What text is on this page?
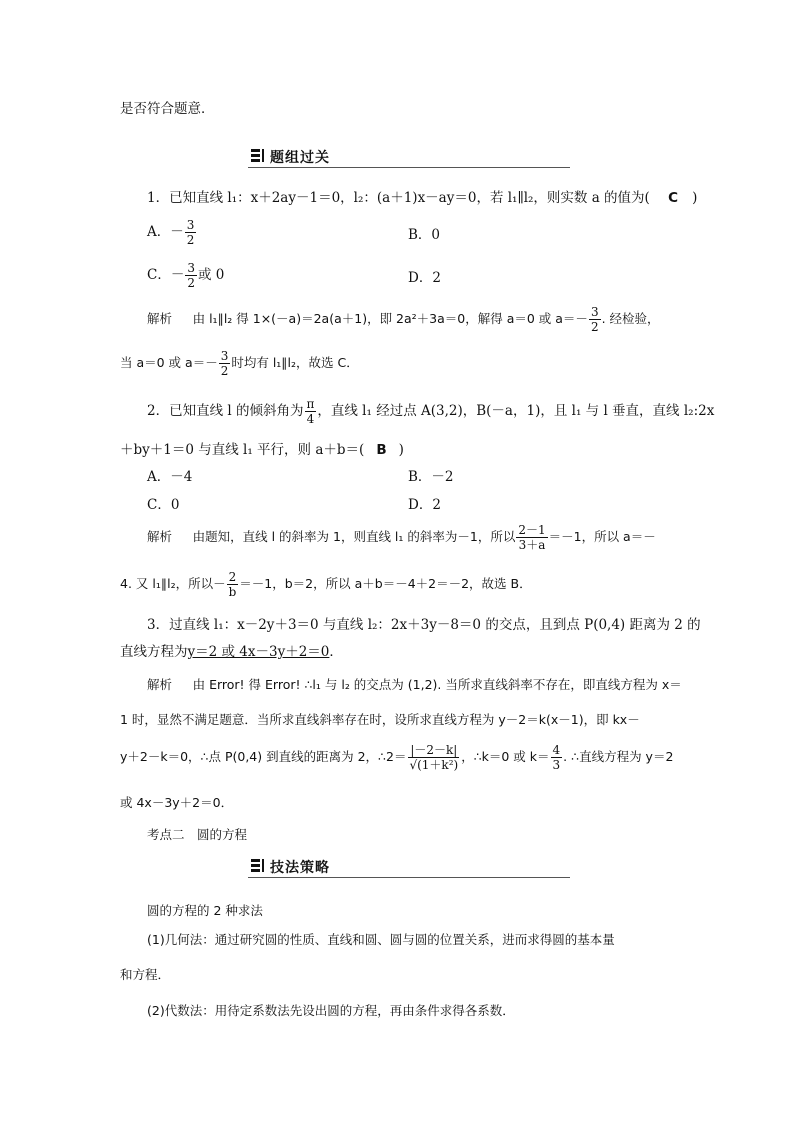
是否符合题意．
题组过关
1．已知直线 l₁：x＋2ay－1＝0，l₂：(a＋1)x－ay＝0，若 l₁∥l₂，则实数 a 的值为( C )
A．－ $\frac{3}{2}$	B．0
C．－ $\frac{3}{2}$ 或 0	D．2
解析 由 l₁∥l₂ 得 1×(－a)＝2a(a＋1)，即 2a²＋3a＝0，解得 a＝0 或 $a=- \frac{3}{2}$ . 经检验，
当 a＝0 或 $a=- \frac{3}{2}$ 时均有 l₁∥l₂，故选 C．
2．已知直线 l 的倾斜角为 $\frac{\pi}{4}$ ，直线 l₁ 经过点 A(3,2)，B(－a，1)，且 l₁ 与 l 垂直，直线 l₂:2x
＋by＋1＝0 与直线 l₁ 平行，则 a＋b＝( B )
A．－4	B．－2
C．0	D．2
解析 由题知，直线 l 的斜率为 1，则直线 l₁ 的斜率为－1，所以 $\frac{2-1}{3+a} =-1$，所以 a＝－
4. 又 l₁∥l₂，所以－ $\frac{2}{b} =-1$，b＝2，所以 a＋b＝－4＋2＝－2，故选 B．
3．过直线 l₁：x－2y＋3＝0 与直线 l₂：2x＋3y－8＝0 的交点，且到点 P(0,4) 距离为 2 的
直线方程为y＝2 或 4x－3y＋2＝0．
解析 由 Error! 得 Error! ∴l₁ 与 l₂ 的交点为 (1,2). 当所求直线斜率不存在，即直线方程为 x＝
1 时，显然不满足题意．当所求直线斜率存在时，设所求直线方程为 y－2＝k(x－1)，即 kx－
y＋2－k＝0，∴点 P(0,4) 到直线的距离为 2，∴2＝ $\frac{|-2-k|}{\text{√(1＋k²)}}$ ，∴k＝0 或 $k= \frac{4}{3}$ . ∴直线方程为 y＝2
或 4x－3y＋2＝0．
考点二　圆的方程
技法策略
圆的方程的 2 种求法
(1)几何法：通过研究圆的性质、直线和圆、圆与圆的位置关系，进而求得圆的基本量
和方程．
(2)代数法：用待定系数法先设出圆的方程，再由条件求得各系数．
